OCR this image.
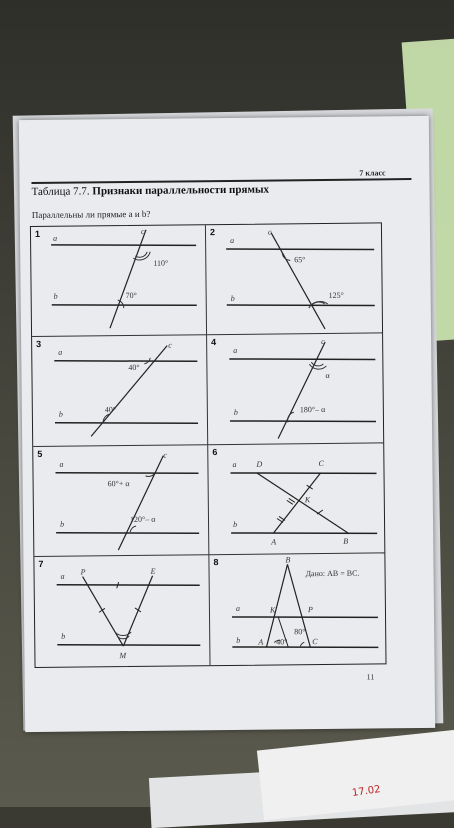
7 класс
Таблица 7.7. Признаки параллельности прямых
Параллельны ли прямые a и b?
1 a
b
c
110°
70°
2
a
b
c
65°
125°
3
a
b
c
40°
40°
4
a
b
c
α
180°– α
5
a
b
c
60°+ α
120°– α
6
a
b
D	C
K
A	B
7
a
b
P	E
M
8
a
b
B
K	P
A	C
Дано: AB = BC.
80°
40°
11
17.02
